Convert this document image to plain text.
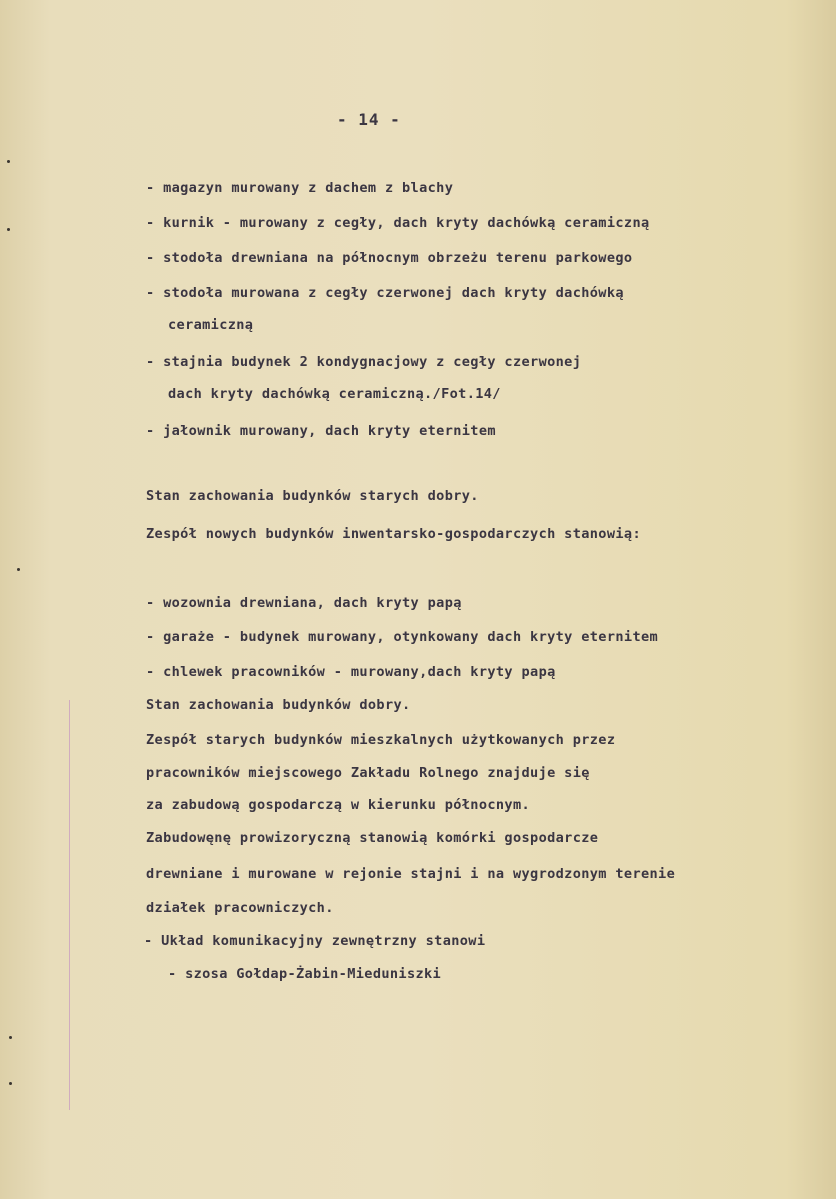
- 14 -
- magazyn murowany z dachem z blachy
- kurnik - murowany z cegły, dach kryty dachówką ceramiczną
- stodoła drewniana na północnym obrzeżu terenu parkowego
- stodoła murowana z cegły czerwonej dach kryty dachówką
ceramiczną
- stajnia budynek 2 kondygnacjowy z cegły czerwonej
dach kryty dachówką ceramiczną./Fot.14/
- jałownik murowany, dach kryty eternitem
Stan zachowania budynków starych dobry.
Zespół nowych budynków inwentarsko-gospodarczych stanowią:
- wozownia drewniana, dach kryty papą
- garaże - budynek murowany, otynkowany dach kryty eternitem
- chlewek pracowników - murowany,dach kryty papą
Stan zachowania budynków dobry.
Zespół starych budynków mieszkalnych użytkowanych przez
pracowników miejscowego Zakładu Rolnego znajduje się
za zabudową gospodarczą w kierunku północnym.
Zabudowęnę prowizoryczną stanowią komórki gospodarcze
drewniane i murowane w rejonie stajni i na wygrodzonym terenie
działek pracowniczych.
- Układ komunikacyjny zewnętrzny stanowi
- szosa Gołdap-Żabin-Mieduniszki
